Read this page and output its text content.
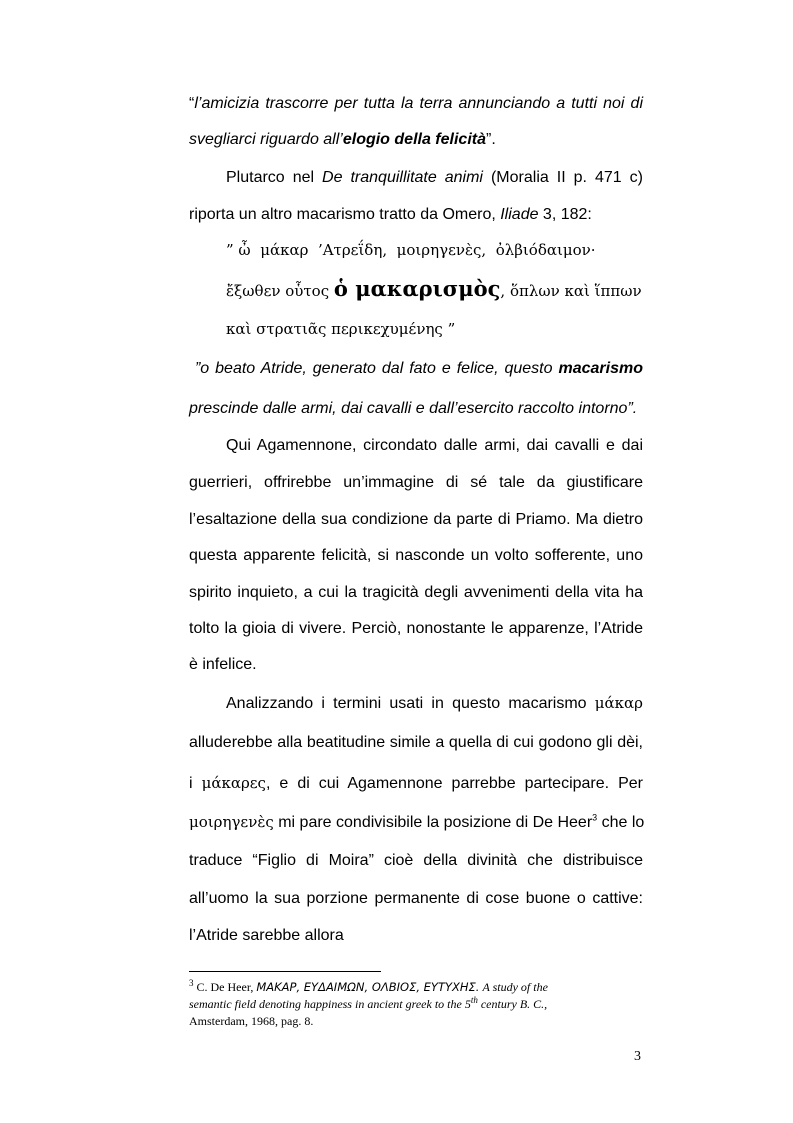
“l’amicizia trascorre per tutta la terra annunciando a tutti noi di
svegliarci riguardo all’elogio della felicità”.
Plutarco nel De tranquillitate animi (Moralia II p. 471 c)
riporta un altro macarismo tratto da Omero, Iliade 3, 182:
” ὦ  μάκαρ  ’Ατρεΐδη,  μοιρηγενὲς,  ὀλβιόδαιμον·
ἔξωθεν οὗτος ὁ μακαρισμὸς, ὅπλων καὶ ἵππων
καὶ στρατιᾶς περικεχυμένης ”
”o beato Atride, generato dal fato e felice, questo macarismo
prescinde dalle armi, dai cavalli e dall’esercito raccolto intorno”.
Qui Agamennone, circondato dalle armi, dai cavalli e dai
guerrieri, offrirebbe un’immagine di sé tale da giustificare
l’esaltazione della sua condizione da parte di Priamo. Ma dietro
questa apparente felicità, si nasconde un volto sofferente, uno
spirito inquieto, a cui la tragicità degli avvenimenti della vita ha
tolto la gioia di vivere. Perciò, nonostante le apparenze, l’Atride
è infelice.
Analizzando i termini usati in questo macarismo μάκαρ
alluderebbe alla beatitudine simile a quella di cui godono gli dèi,
i μάκαρες, e di cui Agamennone parrebbe partecipare. Per
μοιρηγενὲς mi pare condivisibile la posizione di De Heer$^3$ che lo
traduce “Figlio di Moira” cioè della divinità che distribuisce
all’uomo la sua porzione permanente di cose buone o cattive:
l’Atride sarebbe allora
$^3$ C. De Heer, ΜΑΚΑΡ, ΕΥΔΑΙΜΩΝ, ΟΛΒΙΟΣ, ΕΥΤΥΧΗΣ. A study of the
semantic field denoting happiness in ancient greek to the 5th century B. C.,
Amsterdam, 1968, pag. 8.
3
